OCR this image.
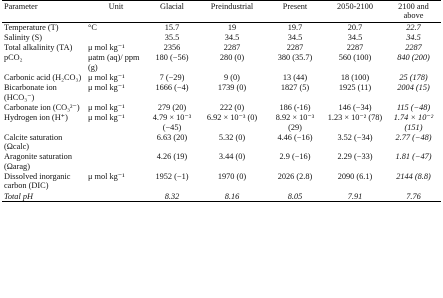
Parameter	Unit	Glacial	Preindustrial	Present	2050-2100	2100 and above
Temperature (T)	°C	15.7	19	19.7	20.7	22.7
Salinity (S)		35.5	34.5	34.5	34.5	34.5
Total alkalinity (TA)	μ mol kg⁻¹	2356	2287	2287	2287	2287
pCO₂	μatm (aq)/ ppm (g)	180 (−56)	280 (0)	380 (35.7)	560 (100)	840 (200)
Carbonic acid (H₂CO₃)	μ mol kg⁻¹	7 (−29)	9 (0)	13 (44)	18 (100)	25 (178)
Bicarbonate ion (HCO₃⁻)	μ mol kg⁻¹	1666 (−4)	1739 (0)	1827 (5)	1925 (11)	2004 (15)
Carbonate ion (CO₃²⁻)	μ mol kg⁻¹	279 (20)	222 (0)	186 (-16)	146 (−34)	115 (−48)
Hydrogen ion (H⁺)	μ mol kg⁻¹	4.79 × 10⁻³ (−45)	6.92 × 10⁻³ (0)	8.92 × 10⁻³ (29)	1.23 × 10⁻² (78)	1.74 × 10⁻² (151)
Calcite saturation (Ωcalc)		6.63 (20)	5.32 (0)	4.46 (−16)	3.52 (−34)	2.77 (−48)
Aragonite saturation (Ωarag)		4.26 (19)	3.44 (0)	2.9 (−16)	2.29 (−33)	1.81 (−47)
Dissolved inorganic carbon (DIC)	μ mol kg⁻¹	1952 (−1)	1970 (0)	2026 (2.8)	2090 (6.1)	2144 (8.8)
Total pH		8.32	8.16	8.05	7.91	7.76
